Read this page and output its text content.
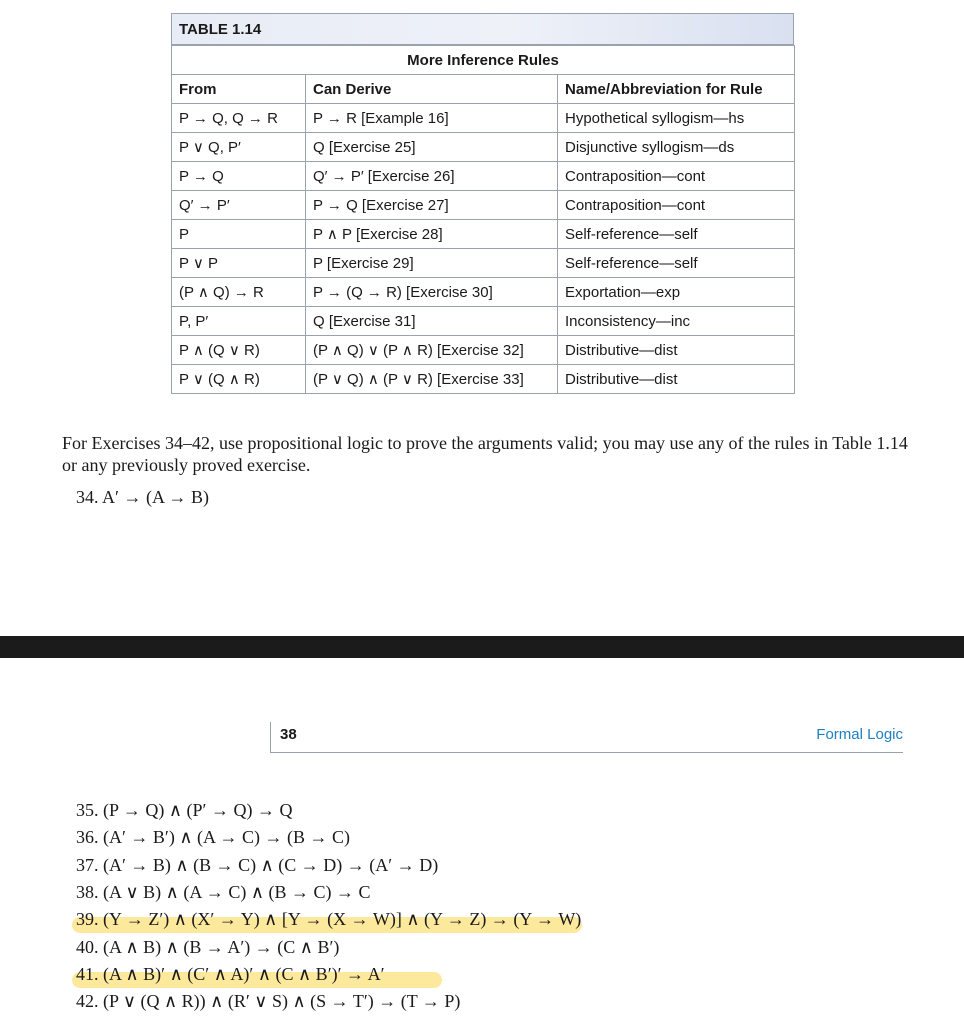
TABLE 1.14
More Inference Rules		
From	Can Derive	Name/Abbreviation for Rule
P → Q, Q → R	P → R [Example 16]	Hypothetical syllogism—hs
P ∨ Q, P′	Q [Exercise 25]	Disjunctive syllogism—ds
P → Q	Q′ → P′ [Exercise 26]	Contraposition—cont
Q′ → P′	P → Q [Exercise 27]	Contraposition—cont
P	P ∧ P [Exercise 28]	Self-reference—self
P ∨ P	P [Exercise 29]	Self-reference—self
(P ∧ Q) → R	P → (Q → R) [Exercise 30]	Exportation—exp
P, P′	Q [Exercise 31]	Inconsistency—inc
P ∧ (Q ∨ R)	(P ∧ Q) ∨ (P ∧ R) [Exercise 32]	Distributive—dist
P ∨ (Q ∧ R)	(P ∨ Q) ∧ (P ∨ R) [Exercise 33]	Distributive—dist
For Exercises 34–42, use propositional logic to prove the arguments valid; you may use any of the rules in Table 1.14 or any previously proved exercise.
34. A′ → (A → B)
38	Formal Logic
35. (P → Q) ∧ (P′ → Q) → Q
36. (A′ → B′) ∧ (A → C) → (B → C)
37. (A′ → B) ∧ (B → C) ∧ (C → D) → (A′ → D)
38. (A ∨ B) ∧ (A → C) ∧ (B → C) → C
39. (Y → Z′) ∧ (X′ → Y) ∧ [Y → (X → W)] ∧ (Y → Z) → (Y → W)
40. (A ∧ B) ∧ (B → A′) → (C ∧ B′)
41. (A ∧ B)′ ∧ (C′ ∧ A)′ ∧ (C ∧ B′)′ → A′
42. (P ∨ (Q ∧ R)) ∧ (R′ ∨ S) ∧ (S → T′) → (T → P)
